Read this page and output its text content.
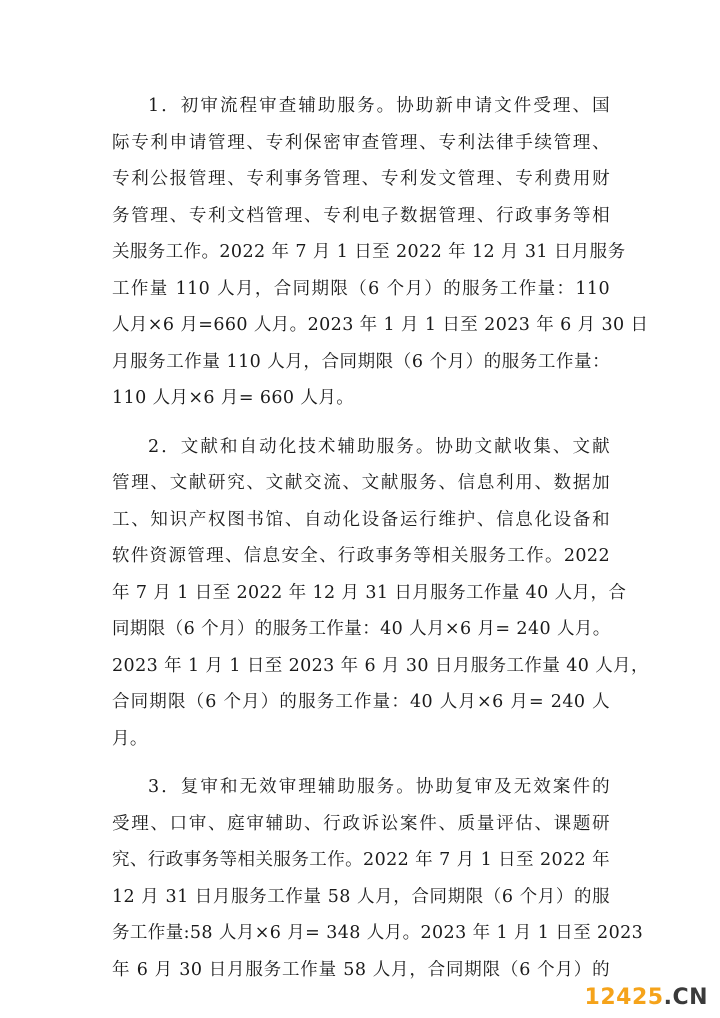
1．初审流程审查辅助服务。协助新申请文件受理、国
际专利申请管理、专利保密审查管理、专利法律手续管理、
专利公报管理、专利事务管理、专利发文管理、专利费用财
务管理、专利文档管理、专利电子数据管理、行政事务等相
关服务工作。2022 年 7 月 1 日至 2022 年 12 月 31 日月服务
工作量 110 人月，合同期限（6 个月）的服务工作量：110
人月×6 月=660 人月。2023 年 1 月 1 日至 2023 年 6 月 30 日
月服务工作量 110 人月，合同期限（6 个月）的服务工作量：
110 人月×6 月= 660 人月。
2．文献和自动化技术辅助服务。协助文献收集、文献
管理、文献研究、文献交流、文献服务、信息利用、数据加
工、知识产权图书馆、自动化设备运行维护、信息化设备和
软件资源管理、信息安全、行政事务等相关服务工作。2022
年 7 月 1 日至 2022 年 12 月 31 日月服务工作量 40 人月，合
同期限（6 个月）的服务工作量：40 人月×6 月= 240 人月。
2023 年 1 月 1 日至 2023 年 6 月 30 日月服务工作量 40 人月，
合同期限（6 个月）的服务工作量：40 人月×6 月= 240 人
月。
3．复审和无效审理辅助服务。协助复审及无效案件的
受理、口审、庭审辅助、行政诉讼案件、质量评估、课题研
究、行政事务等相关服务工作。2022 年 7 月 1 日至 2022 年
12 月 31 日月服务工作量 58 人月，合同期限（6 个月）的服
务工作量:58 人月×6 月= 348 人月。2023 年 1 月 1 日至 2023
年 6 月 30 日月服务工作量 58 人月，合同期限（6 个月）的
12425.CN
